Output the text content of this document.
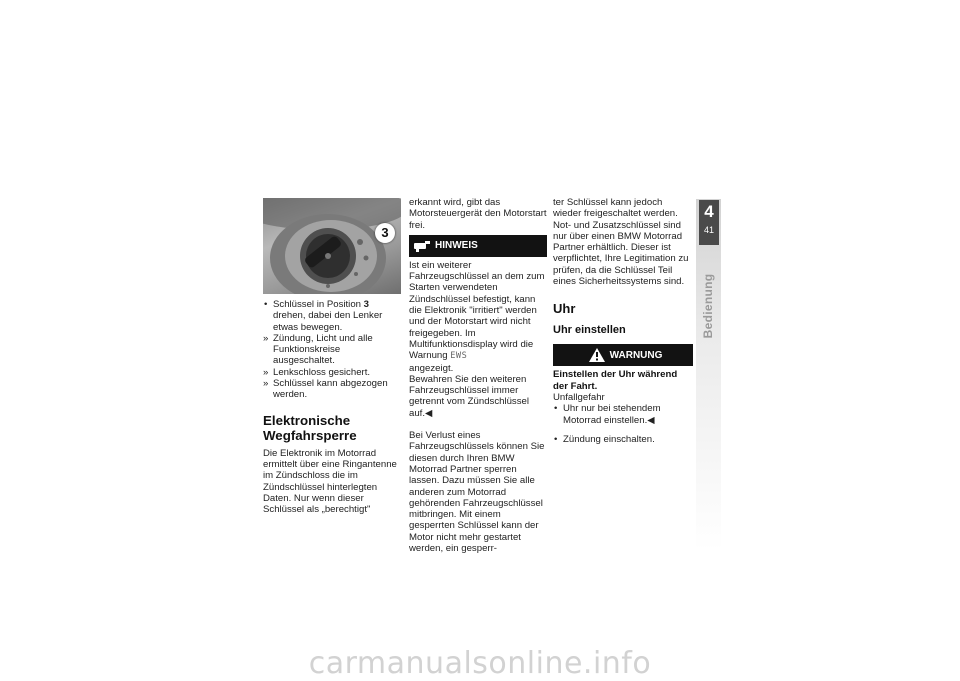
3

• Schlüssel in Position 3 drehen, dabei den Lenker etwas bewegen.

» Zündung, Licht und alle Funktionskreise ausgeschaltet.

» Lenkschloss gesichert.

» Schlüssel kann abgezogen werden.

Elektronische Wegfahrsperre

Die Elektronik im Motorrad ermittelt über eine Ringantenne im Zündschloss die im Zündschlüssel hinterlegten Daten. Nur wenn dieser Schlüssel als „berechtigt"

erkannt wird, gibt das Motorsteuergerät den Motorstart frei.

HINWEIS

Ist ein weiterer Fahrzeugschlüssel an dem zum Starten verwendeten Zündschlüssel befestigt, kann die Elektronik "irritiert" werden und der Motorstart wird nicht freigegeben. Im Multifunktionsdisplay wird die Warnung EWS

angezeigt.

Bewahren Sie den weiteren Fahrzeugschlüssel immer getrennt vom Zündschlüssel auf.◀

Bei Verlust eines Fahrzeugschlüssels können Sie diesen durch Ihren BMW Motorrad Partner sperren lassen. Dazu müssen Sie alle anderen zum Motorrad gehörenden Fahrzeugschlüssel mitbringen. Mit einem gesperrten Schlüssel kann der Motor nicht mehr gestartet werden, ein gesperr-

ter Schlüssel kann jedoch wieder freigeschaltet werden.

Not- und Zusatzschlüssel sind nur über einen BMW Motorrad Partner erhältlich. Dieser ist verpflichtet, Ihre Legitimation zu prüfen, da die Schlüssel Teil eines Sicherheitssystems sind.

Uhr
Uhr einstellen
WARNUNG

Einstellen der Uhr während der Fahrt.

Unfallgefahr

• Uhr nur bei stehendem Motorrad einstellen.◀

• Zündung einschalten.

4
41
Bedienung
carmanualsonline.info
